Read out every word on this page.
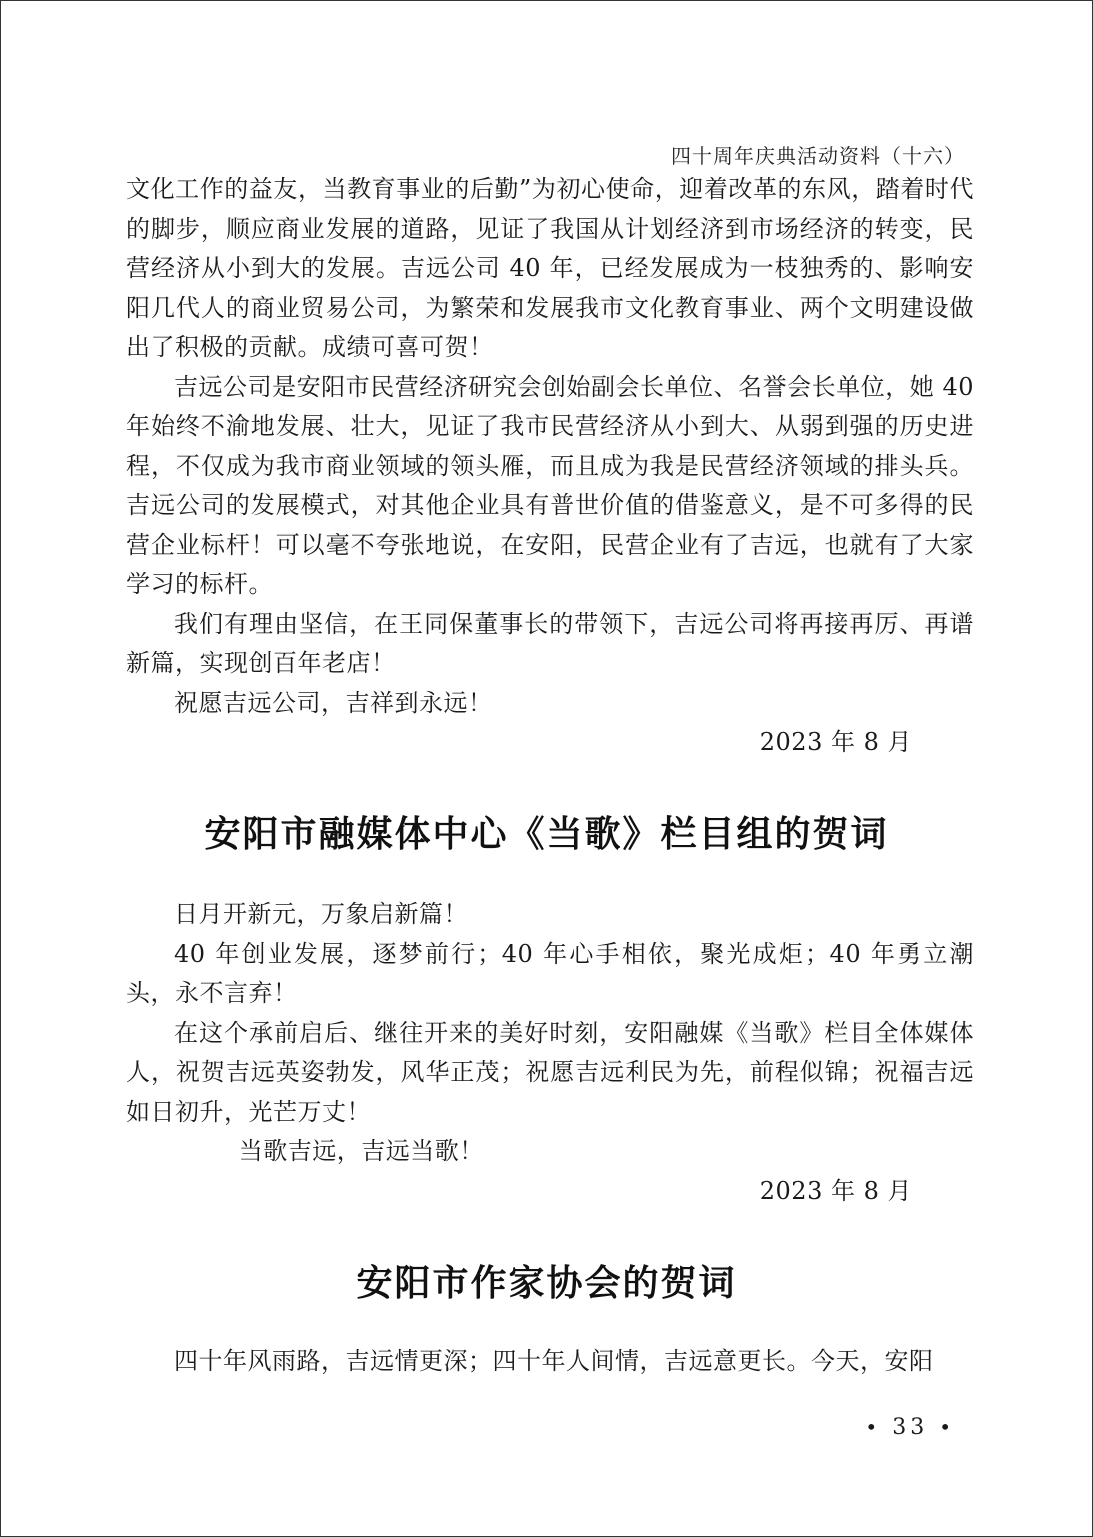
四十周年庆典活动资料（十六）

文化工作的益友，当教育事业的后勤”为初心使命，迎着改革的东风，踏着时代的脚步，顺应商业发展的道路，见证了我国从计划经济到市场经济的转变，民营经济从小到大的发展。吉远公司 40 年，已经发展成为一枝独秀的、影响安阳几代人的商业贸易公司，为繁荣和发展我市文化教育事业、两个文明建设做出了积极的贡献。成绩可喜可贺！

吉远公司是安阳市民营经济研究会创始副会长单位、名誉会长单位，她 40 年始终不渝地发展、壮大，见证了我市民营经济从小到大、从弱到强的历史进程，不仅成为我市商业领域的领头雁，而且成为我是民营经济领域的排头兵。吉远公司的发展模式，对其他企业具有普世价值的借鉴意义，是不可多得的民营企业标杆！可以毫不夸张地说，在安阳，民营企业有了吉远，也就有了大家学习的标杆。

我们有理由坚信，在王同保董事长的带领下，吉远公司将再接再厉、再谱新篇，实现创百年老店！

祝愿吉远公司，吉祥到永远！

2023 年 8 月

安阳市融媒体中心《当歌》栏目组的贺词

日月开新元，万象启新篇！

40 年创业发展，逐梦前行；40 年心手相依，聚光成炬；40 年勇立潮头，永不言弃！

在这个承前启后、继往开来的美好时刻，安阳融媒《当歌》栏目全体媒体人，祝贺吉远英姿勃发，风华正茂；祝愿吉远利民为先，前程似锦；祝福吉远如日初升，光芒万丈！

当歌吉远，吉远当歌！

2023 年 8 月

安阳市作家协会的贺词

四十年风雨路，吉远情更深；四十年人间情，吉远意更长。今天，安阳

• 33 •
